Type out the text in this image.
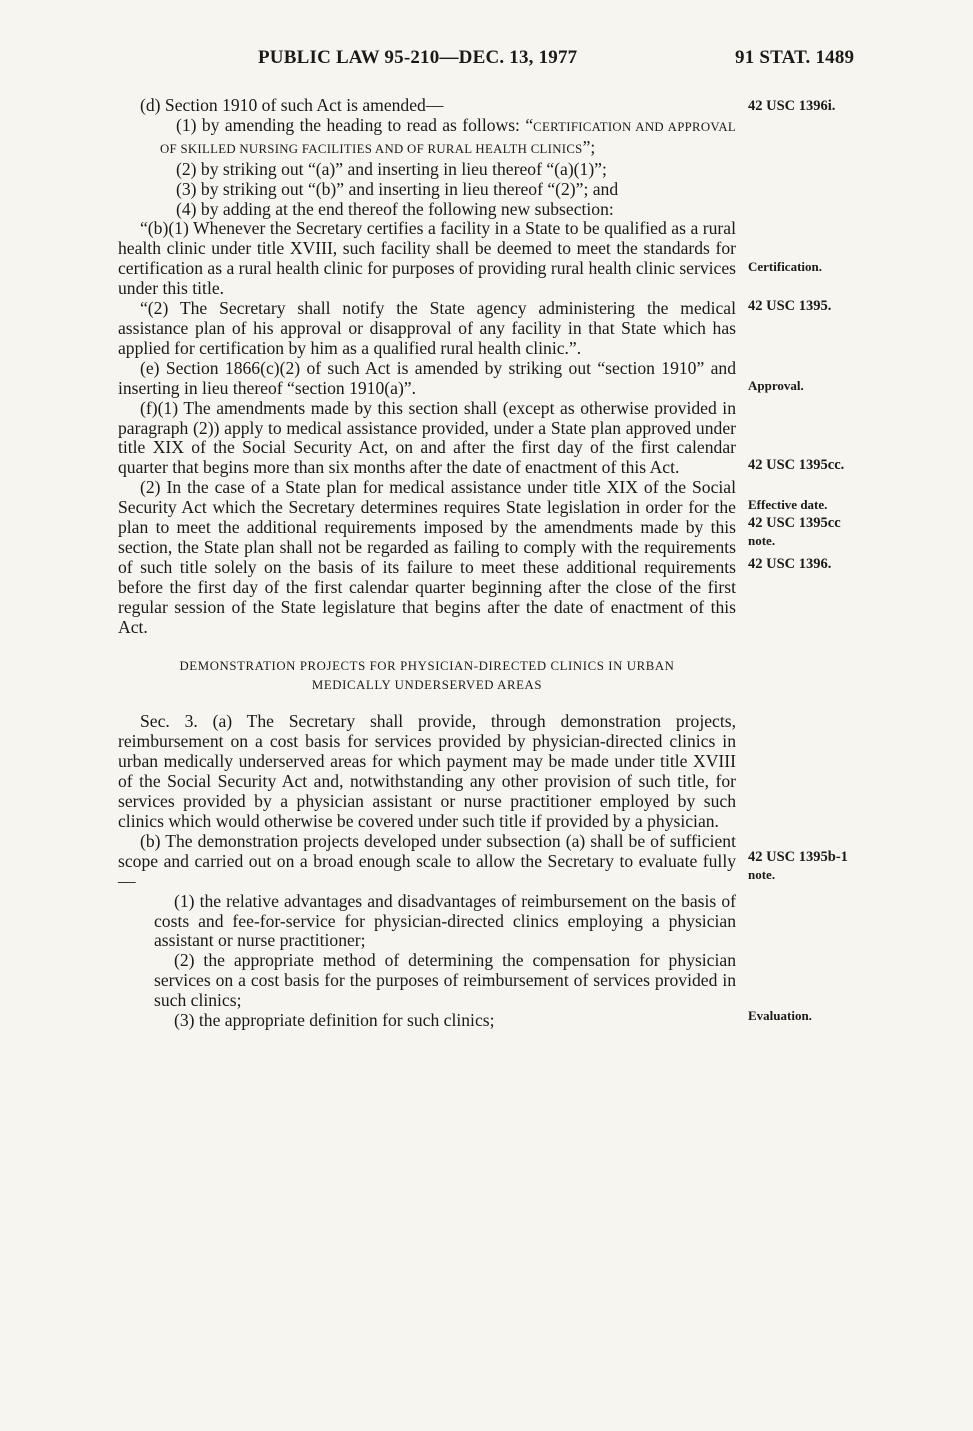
PUBLIC LAW 95-210—DEC. 13, 1977	91 STAT. 1489

(d) Section 1910 of such Act is amended—

(1) by amending the heading to read as follows: “CERTIFICATION AND APPROVAL OF SKILLED NURSING FACILITIES AND OF RURAL HEALTH CLINICS”;

(2) by striking out “(a)” and inserting in lieu thereof “(a)(1)”;

(3) by striking out “(b)” and inserting in lieu thereof “(2)”; and

(4) by adding at the end thereof the following new subsection:

“(b)(1) Whenever the Secretary certifies a facility in a State to be qualified as a rural health clinic under title XVIII, such facility shall be deemed to meet the standards for certification as a rural health clinic for purposes of providing rural health clinic services under this title.

“(2) The Secretary shall notify the State agency administering the medical assistance plan of his approval or disapproval of any facility in that State which has applied for certification by him as a qualified rural health clinic.”.

(e) Section 1866(c)(2) of such Act is amended by striking out “section 1910” and inserting in lieu thereof “section 1910(a)”.

(f)(1) The amendments made by this section shall (except as otherwise provided in paragraph (2)) apply to medical assistance provided, under a State plan approved under title XIX of the Social Security Act, on and after the first day of the first calendar quarter that begins more than six months after the date of enactment of this Act.

(2) In the case of a State plan for medical assistance under title XIX of the Social Security Act which the Secretary determines requires State legislation in order for the plan to meet the additional requirements imposed by the amendments made by this section, the State plan shall not be regarded as failing to comply with the requirements of such title solely on the basis of its failure to meet these additional requirements before the first day of the first calendar quarter beginning after the close of the first regular session of the State legislature that begins after the date of enactment of this Act.

DEMONSTRATION PROJECTS FOR PHYSICIAN-DIRECTED CLINICS IN URBAN
MEDICALLY UNDERSERVED AREAS

Sec. 3. (a) The Secretary shall provide, through demonstration projects, reimbursement on a cost basis for services provided by physician-directed clinics in urban medically underserved areas for which payment may be made under title XVIII of the Social Security Act and, notwithstanding any other provision of such title, for services provided by a physician assistant or nurse practitioner employed by such clinics which would otherwise be covered under such title if provided by a physician.

(b) The demonstration projects developed under subsection (a) shall be of sufficient scope and carried out on a broad enough scale to allow the Secretary to evaluate fully—

(1) the relative advantages and disadvantages of reimbursement on the basis of costs and fee-for-service for physician-directed clinics employing a physician assistant or nurse practitioner;

(2) the appropriate method of determining the compensation for physician services on a cost basis for the purposes of reimbursement of services provided in such clinics;

(3) the appropriate definition for such clinics;

42 USC 1396i.
Certification.
42 USC 1395.
Approval.
42 USC 1395cc.
Effective date.
42 USC 1395cc
note.
42 USC 1396.
42 USC 1395b-1
note.
Evaluation.
